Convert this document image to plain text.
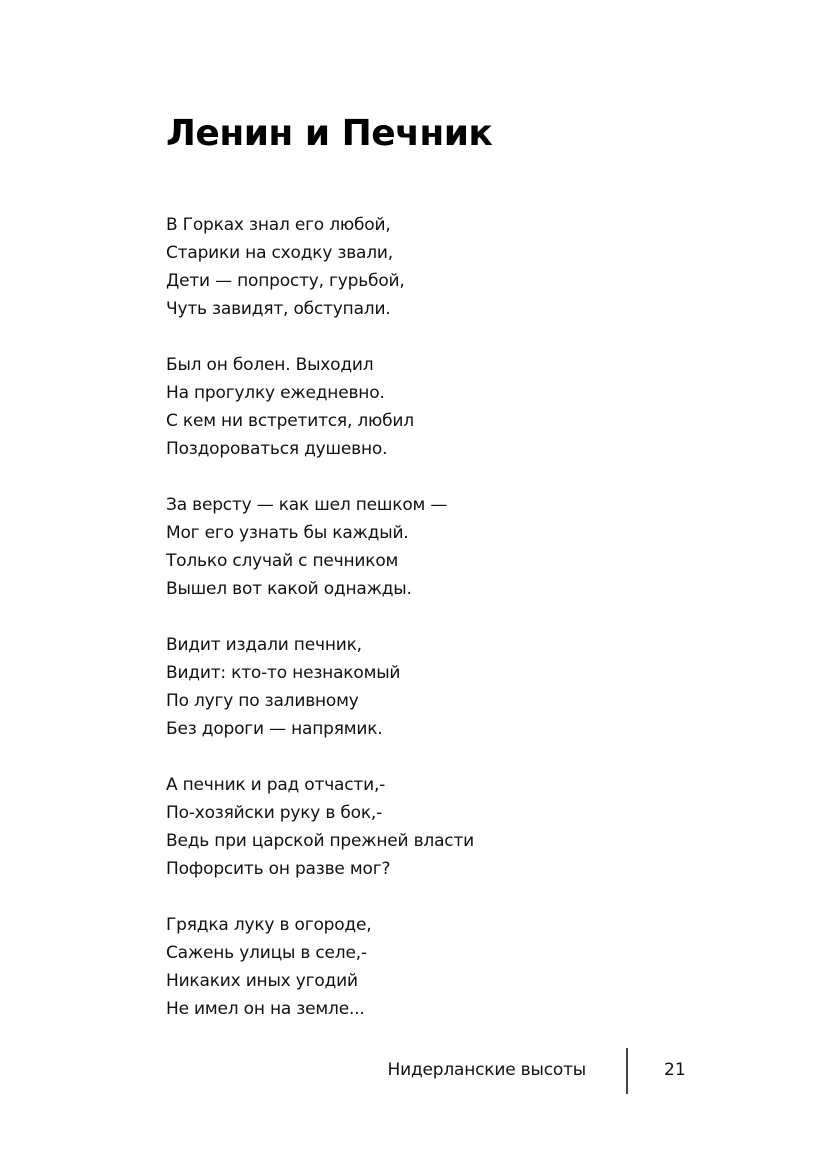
Ленин и Печник
В Горках знал его любой,
Старики на сходку звали,
Дети — попросту, гурьбой,
Чуть завидят, обступали.
Был он болен. Выходил
На прогулку ежедневно.
С кем ни встретится, любил
Поздороваться душевно.
За версту — как шел пешком —
Мог его узнать бы каждый.
Только случай с печником
Вышел вот какой однажды.
Видит издали печник,
Видит: кто-то незнакомый
По лугу по заливному
Без дороги — напрямик.
А печник и рад отчасти,-
По-хозяйски руку в бок,-
Ведь при царской прежней власти
Пофорсить он разве мог?
Грядка луку в огороде,
Сажень улицы в селе,-
Никаких иных угодий
Не имел он на земле...
Нидерланские высоты	21
